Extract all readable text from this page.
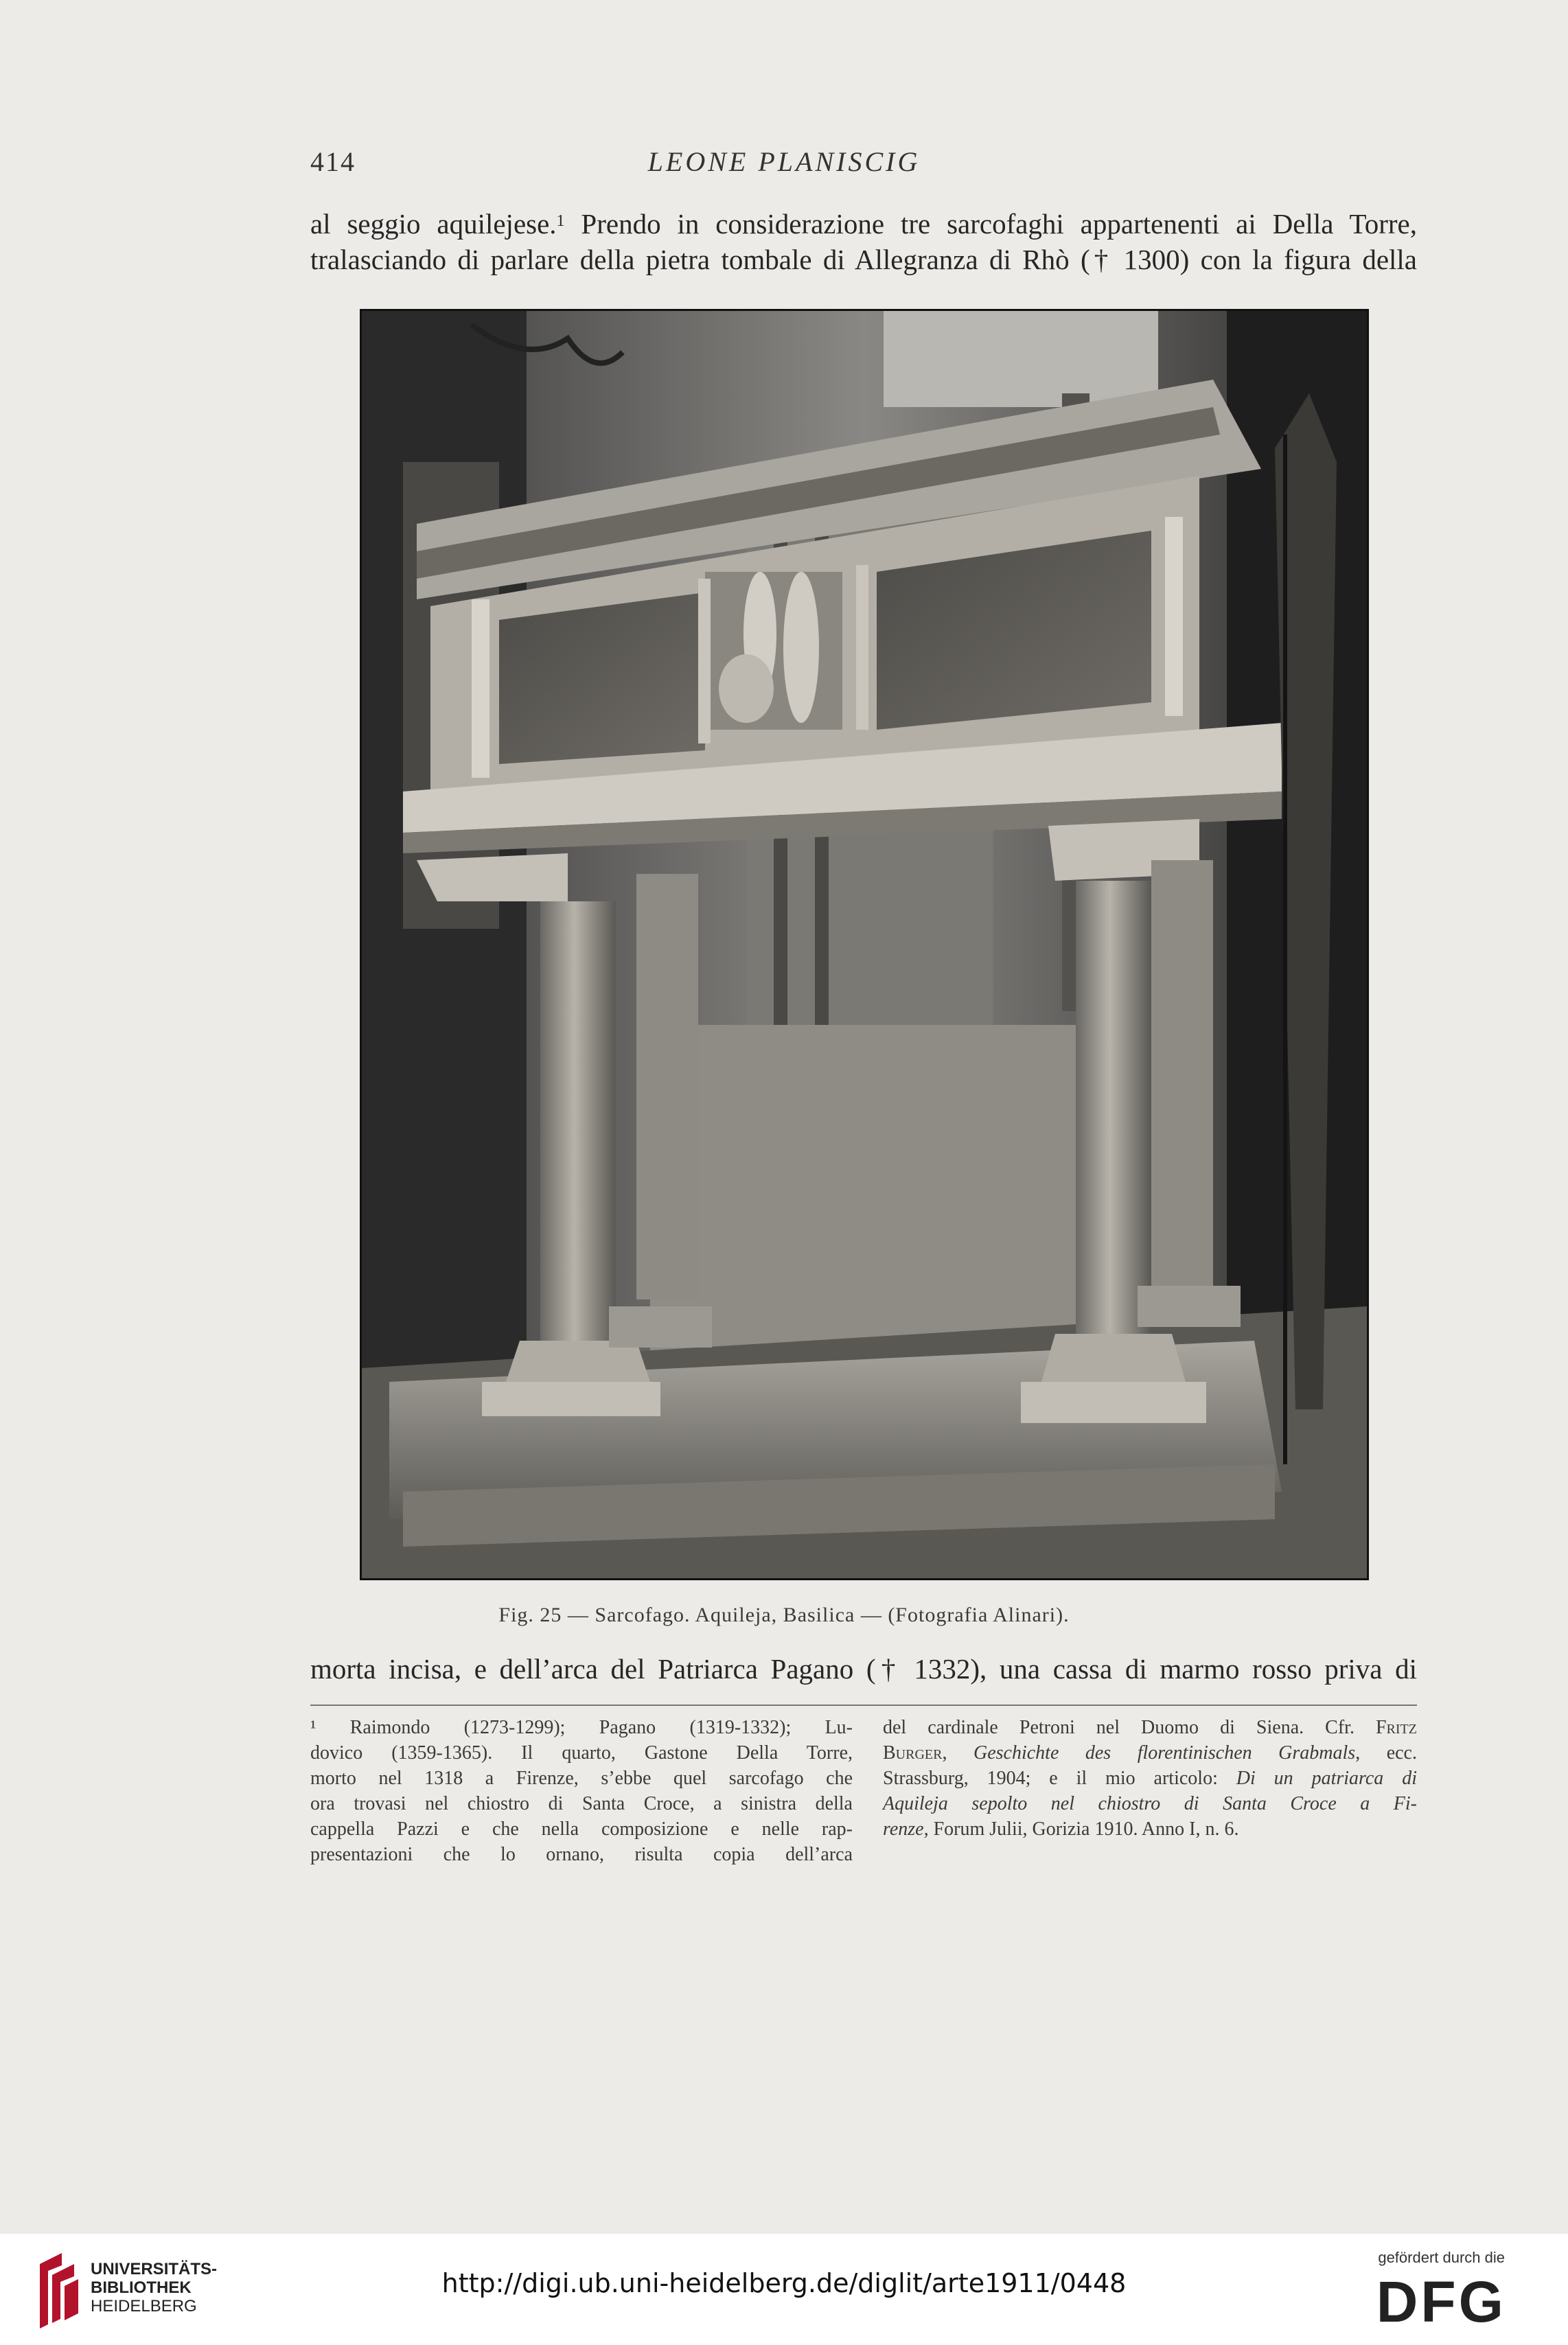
414	LEONE PLANISCIG
al seggio aquilejese.$^1$ Prendo in considerazione tre sarcofaghi appartenenti ai Della Torre,
tralasciando di parlare della pietra tombale di Allegranza di Rhò († 1300) con la figura della
Fig. 25 — Sarcofago. Aquileja, Basilica — (Fotografia Alinari).
morta incisa, e dell’arca del Patriarca Pagano († 1332), una cassa di marmo rosso priva di
¹ Raimondo (1273-1299); Pagano (1319-1332); Lu-
dovico (1359-1365). Il quarto, Gastone Della Torre,
morto nel 1318 a Firenze, s’ebbe quel sarcofago che
ora trovasi nel chiostro di Santa Croce, a sinistra della
cappella Pazzi e che nella composizione e nelle rap-
presentazioni che lo ornano, risulta copia dell’arca
del cardinale Petroni nel Duomo di Siena. Cfr. Fritz
Burger, Geschichte des florentinischen Grabmals, ecc.
Strassburg, 1904; e il mio articolo: Di un patriarca di
Aquileja sepolto nel chiostro di Santa Croce a Fi-
renze, Forum Julii, Gorizia 1910. Anno I, n. 6.
UNIVERSITÄTS-
BIBLIOTHEK
HEIDELBERG
http://digi.ub.uni-heidelberg.de/diglit/arte1911/0448
gefördert durch die
DFG
